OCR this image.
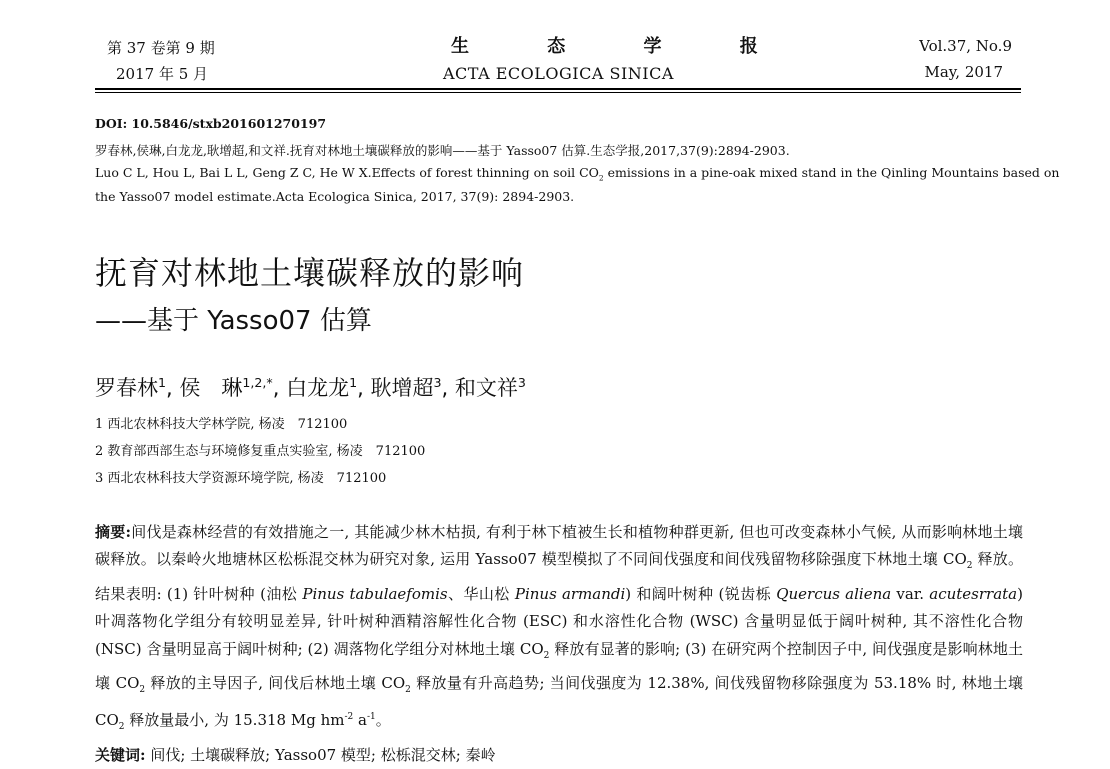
第 37 卷第 9 期
2017 年 5 月
生 态 学 报
ACTA ECOLOGICA SINICA
Vol.37, No.9
May, 2017
DOI: 10.5846/stxb201601270197
罗春林,侯琳,白龙龙,耿增超,和文祥.抚育对林地土壤碳释放的影响——基于 Yasso07 估算.生态学报,2017,37(9):2894-2903.
Luo C L, Hou L, Bai L L, Geng Z C, He W X.Effects of forest thinning on soil $CO_2$ emissions in a pine-oak mixed stand in the Qinling Mountains based on
the Yasso07 model estimate.Acta Ecologica Sinica, 2017, 37(9): 2894-2903.
抚育对林地土壤碳释放的影响
——基于 Yasso07 估算
罗春林$^1$, 侯　琳$^{1,2,*}$, 白龙龙$^1$, 耿增超$^3$, 和文祥$^3$
1 西北农林科技大学林学院, 杨凌　712100
2 教育部西部生态与环境修复重点实验室, 杨凌　712100
3 西北农林科技大学资源环境学院, 杨凌　712100
摘要:间伐是森林经营的有效措施之一, 其能减少林木枯损, 有利于林下植被生长和植物种群更新, 但也可改变森林小气候, 从而影响林地土壤碳释放。以秦岭火地塘林区松栎混交林为研究对象, 运用 Yasso07 模型模拟了不同间伐强度和间伐残留物移除强度下林地土壤 $CO_2$ 释放。结果表明: (1) 针叶树种 (油松 Pinus tabulaefomis、华山松 Pinus armandi) 和阔叶树种 (锐齿栎 Quercus aliena var. acutesrrata) 叶凋落物化学组分有较明显差异, 针叶树种酒精溶解性化合物 (ESC) 和水溶性化合物 (WSC) 含量明显低于阔叶树种, 其不溶性化合物 (NSC) 含量明显高于阔叶树种; (2) 凋落物化学组分对林地土壤 $CO_2$ 释放有显著的影响; (3) 在研究两个控制因子中, 间伐强度是影响林地土壤 $CO_2$ 释放的主导因子, 间伐后林地土壤 $CO_2$ 释放量有升高趋势; 当间伐强度为 12.38%, 间伐残留物移除强度为 53.18% 时, 林地土壤 $CO_2$ 释放量最小, 为 15.318 Mg $hm^{-2}$ $a^{-1}$。
关键词: 间伐; 土壤碳释放; Yasso07 模型; 松栎混交林; 秦岭
